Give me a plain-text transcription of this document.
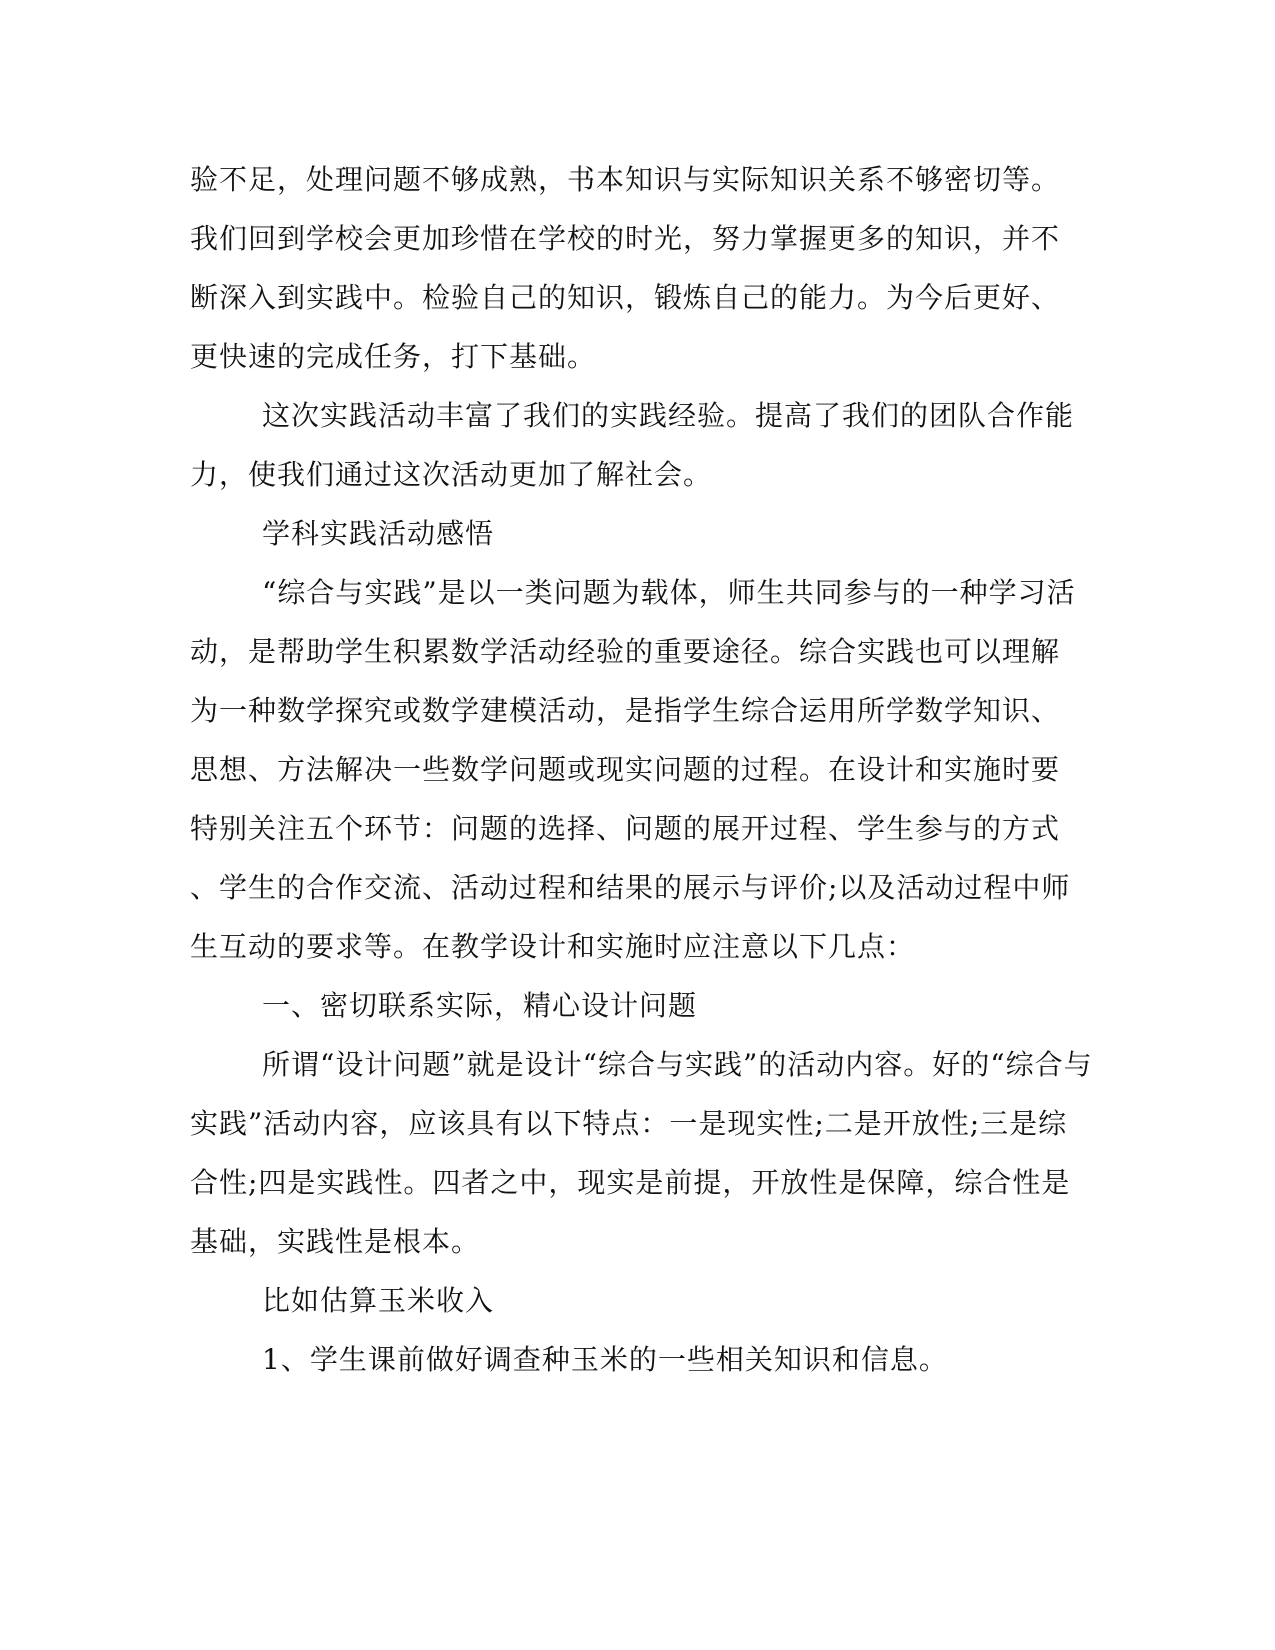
验不足，处理问题不够成熟，书本知识与实际知识关系不够密切等。
我们回到学校会更加珍惜在学校的时光，努力掌握更多的知识，并不
断深入到实践中。检验自己的知识，锻炼自己的能力。为今后更好、
更快速的完成任务，打下基础。
这次实践活动丰富了我们的实践经验。提高了我们的团队合作能
力，使我们通过这次活动更加了解社会。
学科实践活动感悟
“综合与实践”是以一类问题为载体，师生共同参与的一种学习活
动，是帮助学生积累数学活动经验的重要途径。综合实践也可以理解
为一种数学探究或数学建模活动，是指学生综合运用所学数学知识、
思想、方法解决一些数学问题或现实问题的过程。在设计和实施时要
特别关注五个环节：问题的选择、问题的展开过程、学生参与的方式
、学生的合作交流、活动过程和结果的展示与评价;以及活动过程中师
生互动的要求等。在教学设计和实施时应注意以下几点：
一、密切联系实际，精心设计问题
所谓“设计问题”就是设计“综合与实践”的活动内容。好的“综合与
实践”活动内容，应该具有以下特点：一是现实性;二是开放性;三是综
合性;四是实践性。四者之中，现实是前提，开放性是保障，综合性是
基础，实践性是根本。
比如估算玉米收入
1、学生课前做好调查种玉米的一些相关知识和信息。
